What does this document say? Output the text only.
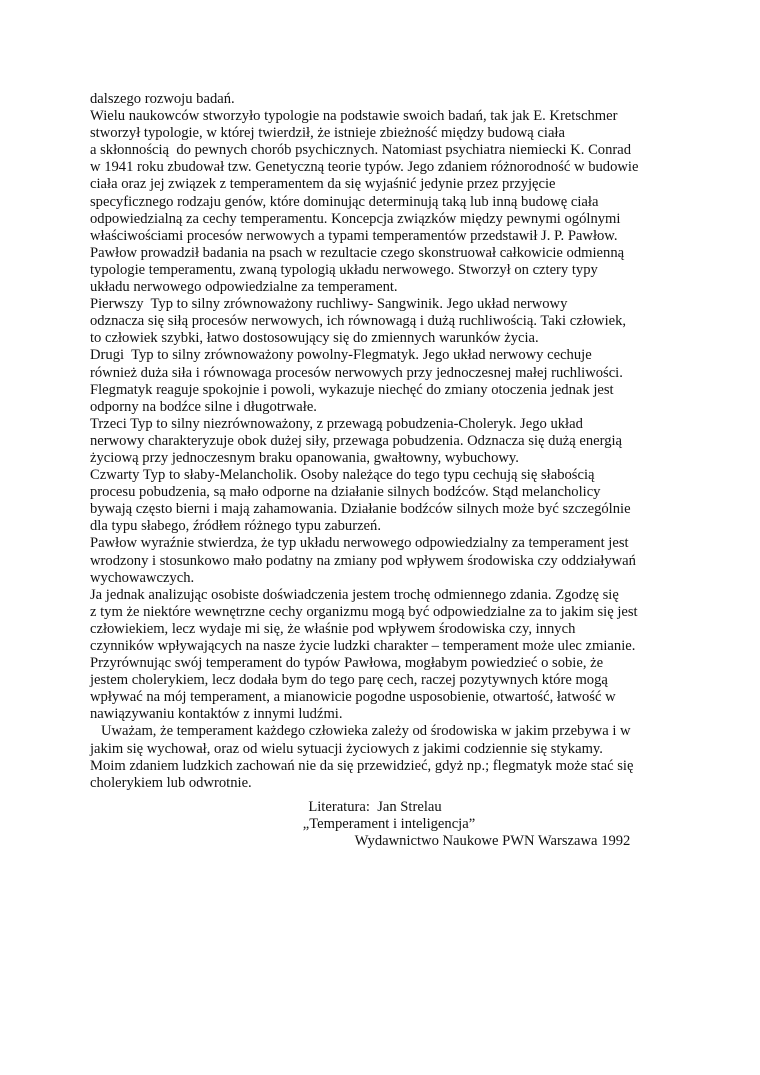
dalszego rozwoju badań.
Wielu naukowców stworzyło typologie na podstawie swoich badań, tak jak E. Kretschmer
stworzył typologie, w której twierdził, że istnieje zbieżność między budową ciała
a skłonnością  do pewnych chorób psychicznych. Natomiast psychiatra niemiecki K. Conrad
w 1941 roku zbudował tzw. Genetyczną teorie typów. Jego zdaniem różnorodność w budowie
ciała oraz jej związek z temperamentem da się wyjaśnić jedynie przez przyjęcie
specyficznego rodzaju genów, które dominując determinują taką lub inną budowę ciała
odpowiedzialną za cechy temperamentu. Koncepcja związków między pewnymi ogólnymi
właściwościami procesów nerwowych a typami temperamentów przedstawił J. P. Pawłow.
Pawłow prowadził badania na psach w rezultacie czego skonstruował całkowicie odmienną
typologie temperamentu, zwaną typologią układu nerwowego. Stworzył on cztery typy
układu nerwowego odpowiedzialne za temperament.
Pierwszy  Typ to silny zrównoważony ruchliwy- Sangwinik. Jego układ nerwowy
odznacza się siłą procesów nerwowych, ich równowagą i dużą ruchliwością. Taki człowiek,
to człowiek szybki, łatwo dostosowujący się do zmiennych warunków życia.
Drugi  Typ to silny zrównoważony powolny-Flegmatyk. Jego układ nerwowy cechuje
również duża siła i równowaga procesów nerwowych przy jednoczesnej małej ruchliwości.
Flegmatyk reaguje spokojnie i powoli, wykazuje niechęć do zmiany otoczenia jednak jest
odporny na bodźce silne i długotrwałe.
Trzeci Typ to silny niezrównoważony, z przewagą pobudzenia-Choleryk. Jego układ
nerwowy charakteryzuje obok dużej siły, przewaga pobudzenia. Odznacza się dużą energią
życiową przy jednoczesnym braku opanowania, gwałtowny, wybuchowy.
Czwarty Typ to słaby-Melancholik. Osoby należące do tego typu cechują się słabością
procesu pobudzenia, są mało odporne na działanie silnych bodźców. Stąd melancholicy
bywają często bierni i mają zahamowania. Działanie bodźców silnych może być szczególnie
dla typu słabego, źródłem różnego typu zaburzeń.
Pawłow wyraźnie stwierdza, że typ układu nerwowego odpowiedzialny za temperament jest
wrodzony i stosunkowo mało podatny na zmiany pod wpływem środowiska czy oddziaływań
wychowawczych.
Ja jednak analizując osobiste doświadczenia jestem trochę odmiennego zdania. Zgodzę się
z tym że niektóre wewnętrzne cechy organizmu mogą być odpowiedzialne za to jakim się jest
człowiekiem, lecz wydaje mi się, że właśnie pod wpływem środowiska czy, innych
czynników wpływających na nasze życie ludzki charakter – temperament może ulec zmianie.
Przyrównując swój temperament do typów Pawłowa, mogłabym powiedzieć o sobie, że
jestem cholerykiem, lecz dodała bym do tego parę cech, raczej pozytywnych które mogą
wpływać na mój temperament, a mianowicie pogodne usposobienie, otwartość, łatwość w
nawiązywaniu kontaktów z innymi ludźmi.
Uważam, że temperament każdego człowieka zależy od środowiska w jakim przebywa i w
jakim się wychował, oraz od wielu sytuacji życiowych z jakimi codziennie się stykamy.
Moim zdaniem ludzkich zachowań nie da się przewidzieć, gdyż np.; flegmatyk może stać się
cholerykiem lub odwrotnie.
Literatura:  Jan Strelau
„Temperament i inteligencja”
Wydawnictwo Naukowe PWN Warszawa 1992
